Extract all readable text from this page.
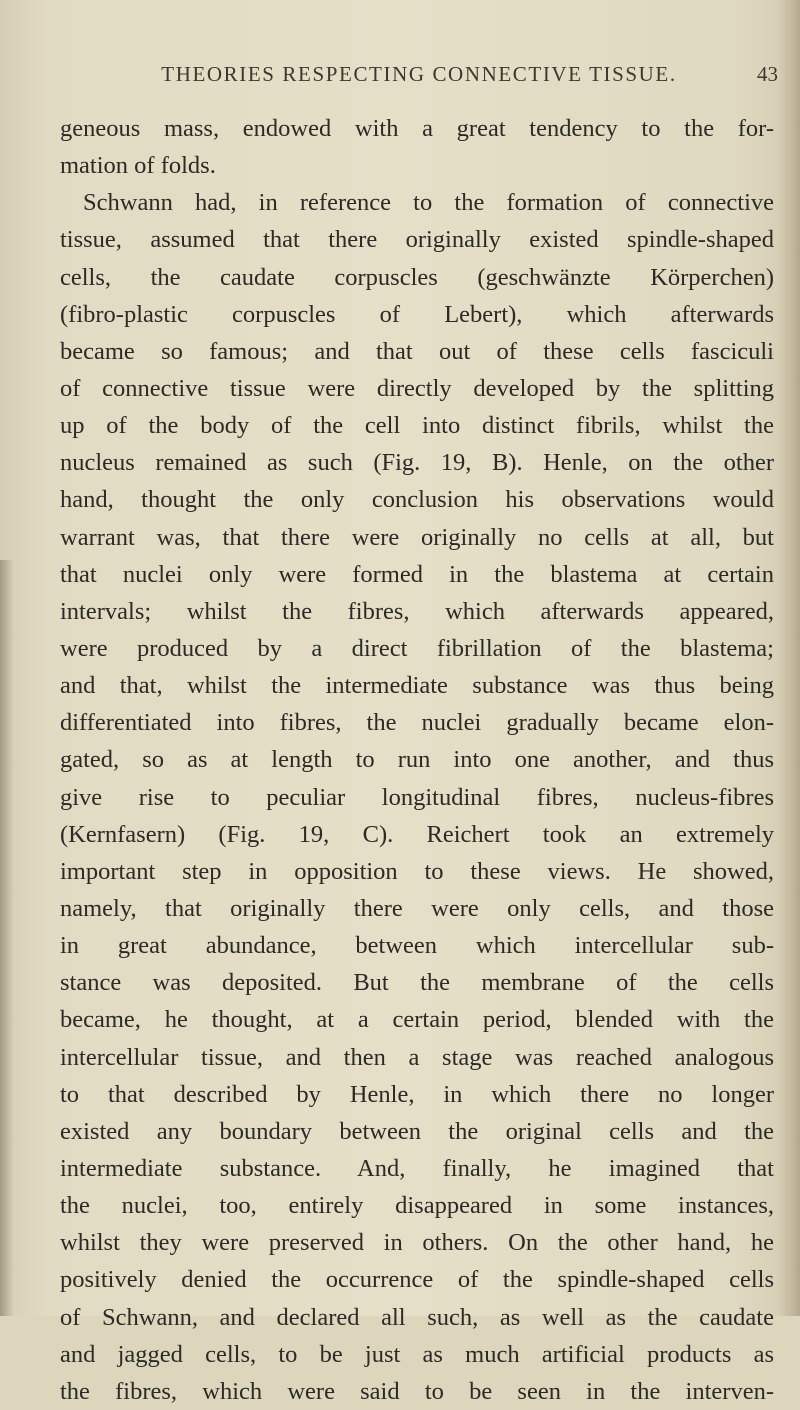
THEORIES RESPECTING CONNECTIVE TISSUE.	43
geneous mass, endowed with a great tendency to the for-
mation of folds.
Schwann had, in reference to the formation of connective
tissue, assumed that there originally existed spindle-shaped
cells, the caudate corpuscles (geschwänzte Körperchen)
(fibro-plastic corpuscles of Lebert), which afterwards
became so famous; and that out of these cells fasciculi
of connective tissue were directly developed by the splitting
up of the body of the cell into distinct fibrils, whilst the
nucleus remained as such (Fig. 19, B). Henle, on the other
hand, thought the only conclusion his observations would
warrant was, that there were originally no cells at all, but
that nuclei only were formed in the blastema at certain
intervals; whilst the fibres, which afterwards appeared,
were produced by a direct fibrillation of the blastema;
and that, whilst the intermediate substance was thus being
differentiated into fibres, the nuclei gradually became elon-
gated, so as at length to run into one another, and thus
give rise to peculiar longitudinal fibres, nucleus-fibres
(Kernfasern) (Fig. 19, C). Reichert took an extremely
important step in opposition to these views. He showed,
namely, that originally there were only cells, and those
in great abundance, between which intercellular sub-
stance was deposited. But the membrane of the cells
became, he thought, at a certain period, blended with the
intercellular tissue, and then a stage was reached analogous
to that described by Henle, in which there no longer
existed any boundary between the original cells and the
intermediate substance. And, finally, he imagined that
the nuclei, too, entirely disappeared in some instances,
whilst they were preserved in others. On the other hand, he
positively denied the occurrence of the spindle-shaped cells
of Schwann, and declared all such, as well as the caudate
and jagged cells, to be just as much artificial products as
the fibres, which were said to be seen in the interven-
